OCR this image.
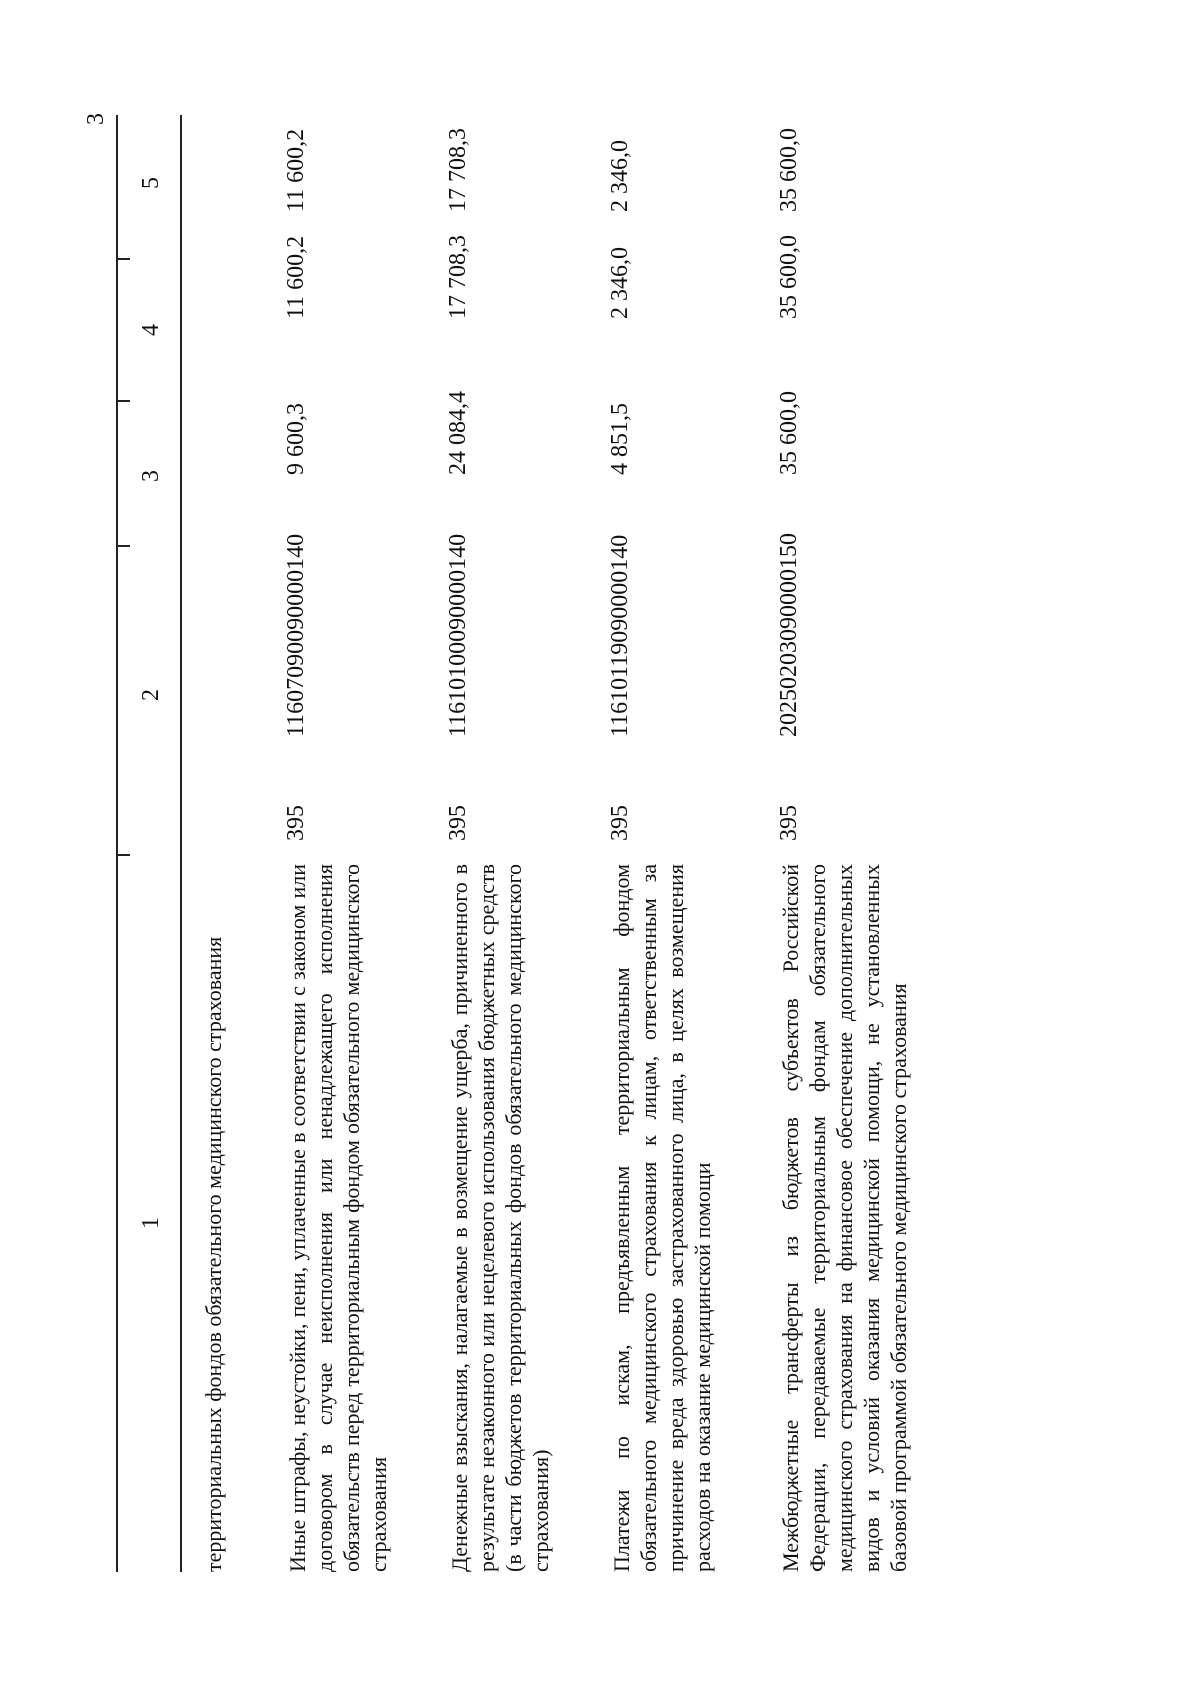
3
1
2
3
4
5
территориальных фондов обязательного медицинского страхования	Иные штрафы, неустойки, пени, уплаченные в соответствии с законом или договором в случае неисполнения или ненадлежащего исполнения обязательств перед территориальным фондом обязательного медицинского страхования
395
11607090090000140
9 600,3
11 600,2
11 600,2
Денежные взыскания, налагаемые в возмещение ущерба, причиненного в результате незаконного или нецелевого использования бюджетных средств (в части бюджетов территориальных фондов обязательного медицинского страхования)
395
11610100090000140
24 084,4
17 708,3
17 708,3
Платежи по искам, предъявленным территориальным фондом обязательного медицинского страхования к лицам, ответственным за причинение вреда здоровью застрахованного лица, в целях возмещения расходов на оказание медицинской помощи
395
11610119090000140
4 851,5
2 346,0
2 346,0
Межбюджетные трансферты из бюджетов субъектов Российской Федерации, передаваемые территориальным фондам обязательного медицинского страхования на финансовое обеспечение дополнительных видов и условий оказания медицинской помощи, не установленных базовой программой обязательного медицинского страхования
395
20250203090000150
35 600,0
35 600,0
35 600,0
